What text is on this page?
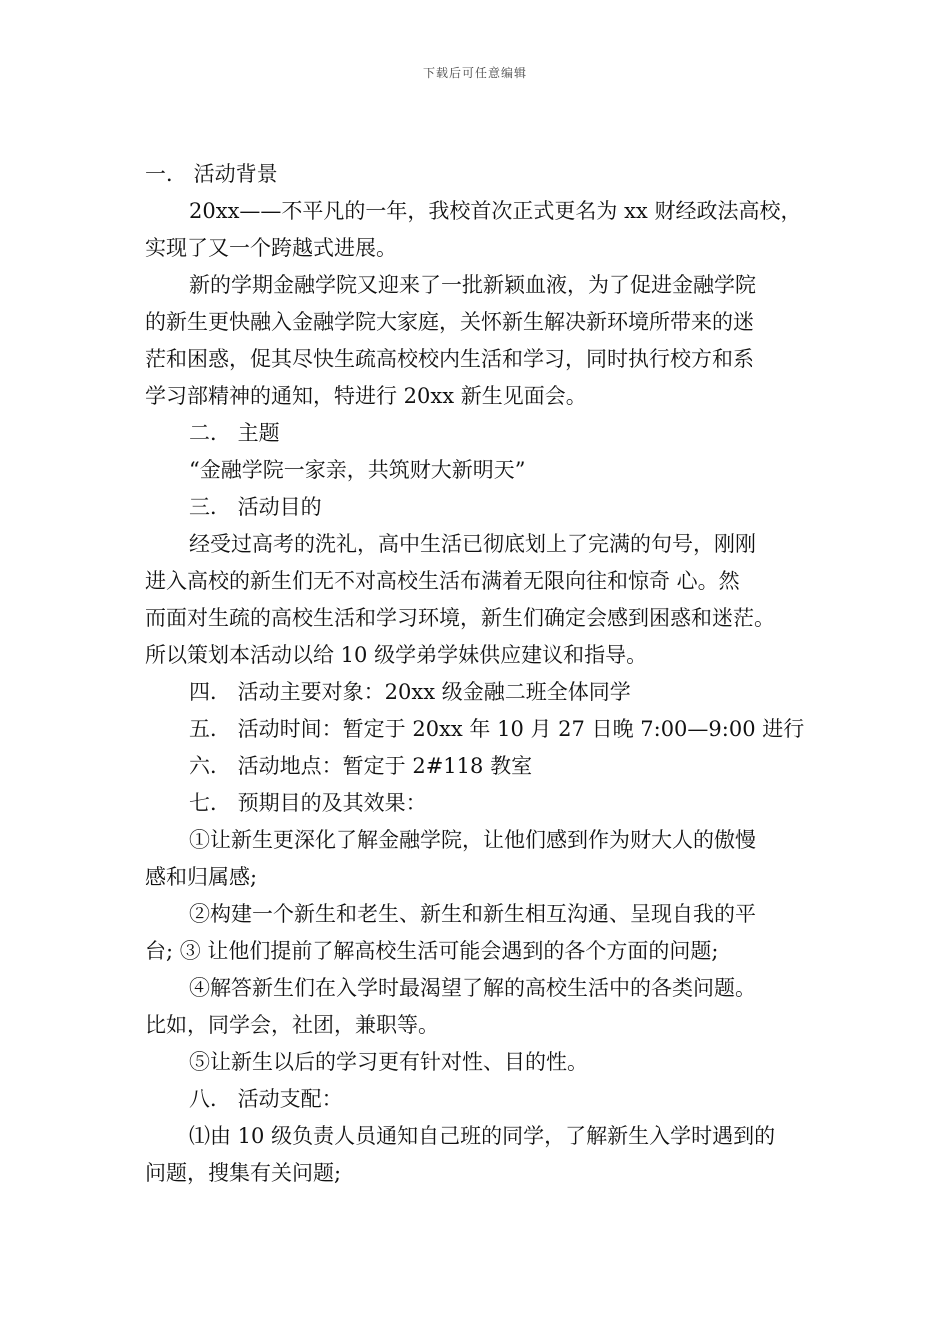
下载后可任意编辑

一． 活动背景

20xx——不平凡的一年，我校首次正式更名为 xx 财经政法高校，

实现了又一个跨越式进展。

新的学期金融学院又迎来了一批新颖血液，为了促进金融学院

的新生更快融入金融学院大家庭，关怀新生解决新环境所带来的迷

茫和困惑，促其尽快生疏高校校内生活和学习，同时执行校方和系

学习部精神的通知，特进行 20xx 新生见面会。

二． 主题

“金融学院一家亲，共筑财大新明天”

三． 活动目的

经受过高考的洗礼，高中生活已彻底划上了完满的句号，刚刚

进入高校的新生们无不对高校生活布满着无限向往和惊奇 心。然

而面对生疏的高校生活和学习环境，新生们确定会感到困惑和迷茫。

所以策划本活动以给 10 级学弟学妹供应建议和指导。

四． 活动主要对象：20xx 级金融二班全体同学

五． 活动时间：暂定于 20xx 年 10 月 27 日晚 7:00—9:00 进行

六． 活动地点：暂定于 2#118 教室

七． 预期目的及其效果：

①让新生更深化了解金融学院，让他们感到作为财大人的傲慢

感和归属感;

②构建一个新生和老生、新生和新生相互沟通、呈现自我的平

台; ③ 让他们提前了解高校生活可能会遇到的各个方面的问题;

④解答新生们在入学时最渴望了解的高校生活中的各类问题。

比如，同学会，社团，兼职等。

⑤让新生以后的学习更有针对性、目的性。

八． 活动支配：

⑴由 10 级负责人员通知自己班的同学，了解新生入学时遇到的

问题，搜集有关问题;
